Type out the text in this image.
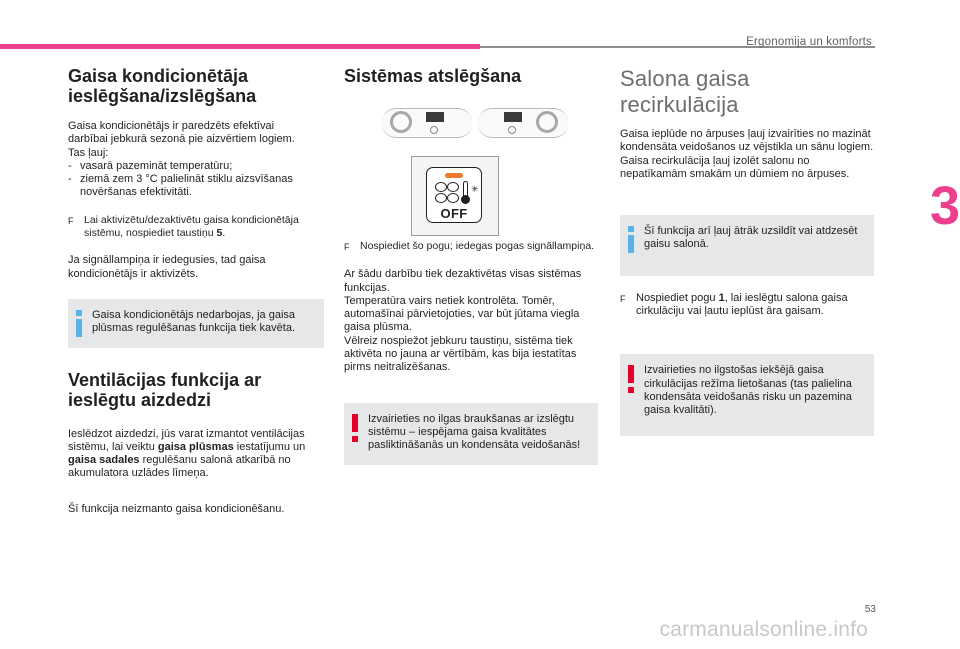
Ergonomija un komforts
3
Gaisa kondicionētāja
ieslēgšana/izslēgšana

Gaisa kondicionētājs ir paredzēts efektīvai
darbībai jebkurā sezonā pie aizvērtiem logiem.
Tas ļauj:

- vasarā pazemināt temperatūru;
- ziemā zem 3 °C palielināt stiklu aizsvīšanas novēršanas efektivitāti.
F	Lai aktivizētu/dezaktivētu gaisa kondicionētāja sistēmu, nospiediet taustiņu 5.

Ja signāllampiņa ir iedegusies, tad gaisa kondicionētājs ir aktivizēts.

Gaisa kondicionētājs nedarbojas, ja gaisa plūsmas regulēšanas funkcija tiek kavēta.
Ventilācijas funkcija ar
ieslēgtu aizdedzi

Ieslēdzot aizdedzi, jūs varat izmantot ventilācijas sistēmu, lai veiktu gaisa plūsmas iestatījumu un gaisa sadales regulēšanu salonā atkarībā no akumulatora uzlādes līmeņa.

Šī funkcija neizmanto gaisa kondicionēšanu.

Sistēmas atslēgšana
✳
OFF
F	Nospiediet šo pogu; iedegas pogas signāllampiņa.

Ar šādu darbību tiek dezaktivētas visas sistēmas funkcijas.
Temperatūra vairs netiek kontrolēta. Tomēr, automašīnai pārvietojoties, var būt jūtama viegla gaisa plūsma.
Vēlreiz nospiežot jebkuru taustiņu, sistēma tiek aktivēta no jauna ar vērtībām, kas bija iestatītas pirms neitralizēšanas.

Izvairieties no ilgas braukšanas ar izslēgtu sistēmu – iespējama gaisa kvalitātes pasliktināšanās un kondensāta veidošanās!
Salona gaisa recirkulācija

Gaisa ieplūde no ārpuses ļauj izvairīties no mazināt kondensāta veidošanos uz vējstikla un sānu logiem.
Gaisa recirkulācija ļauj izolēt salonu no nepatīkamām smakām un dūmiem no ārpuses.

Šī funkcija arī ļauj ātrāk uzsildīt vai atdzesēt gaisu salonā.
F Nospiediet pogu 1, lai ieslēgtu salona gaisa cirkulāciju vai ļautu ieplūst āra gaisam.
Izvairieties no ilgstošas iekšējā gaisa cirkulācijas režīma lietošanas (tas palielina kondensāta veidošanās risku un pazemina gaisa kvalitāti).
53
carmanualsonline.info
